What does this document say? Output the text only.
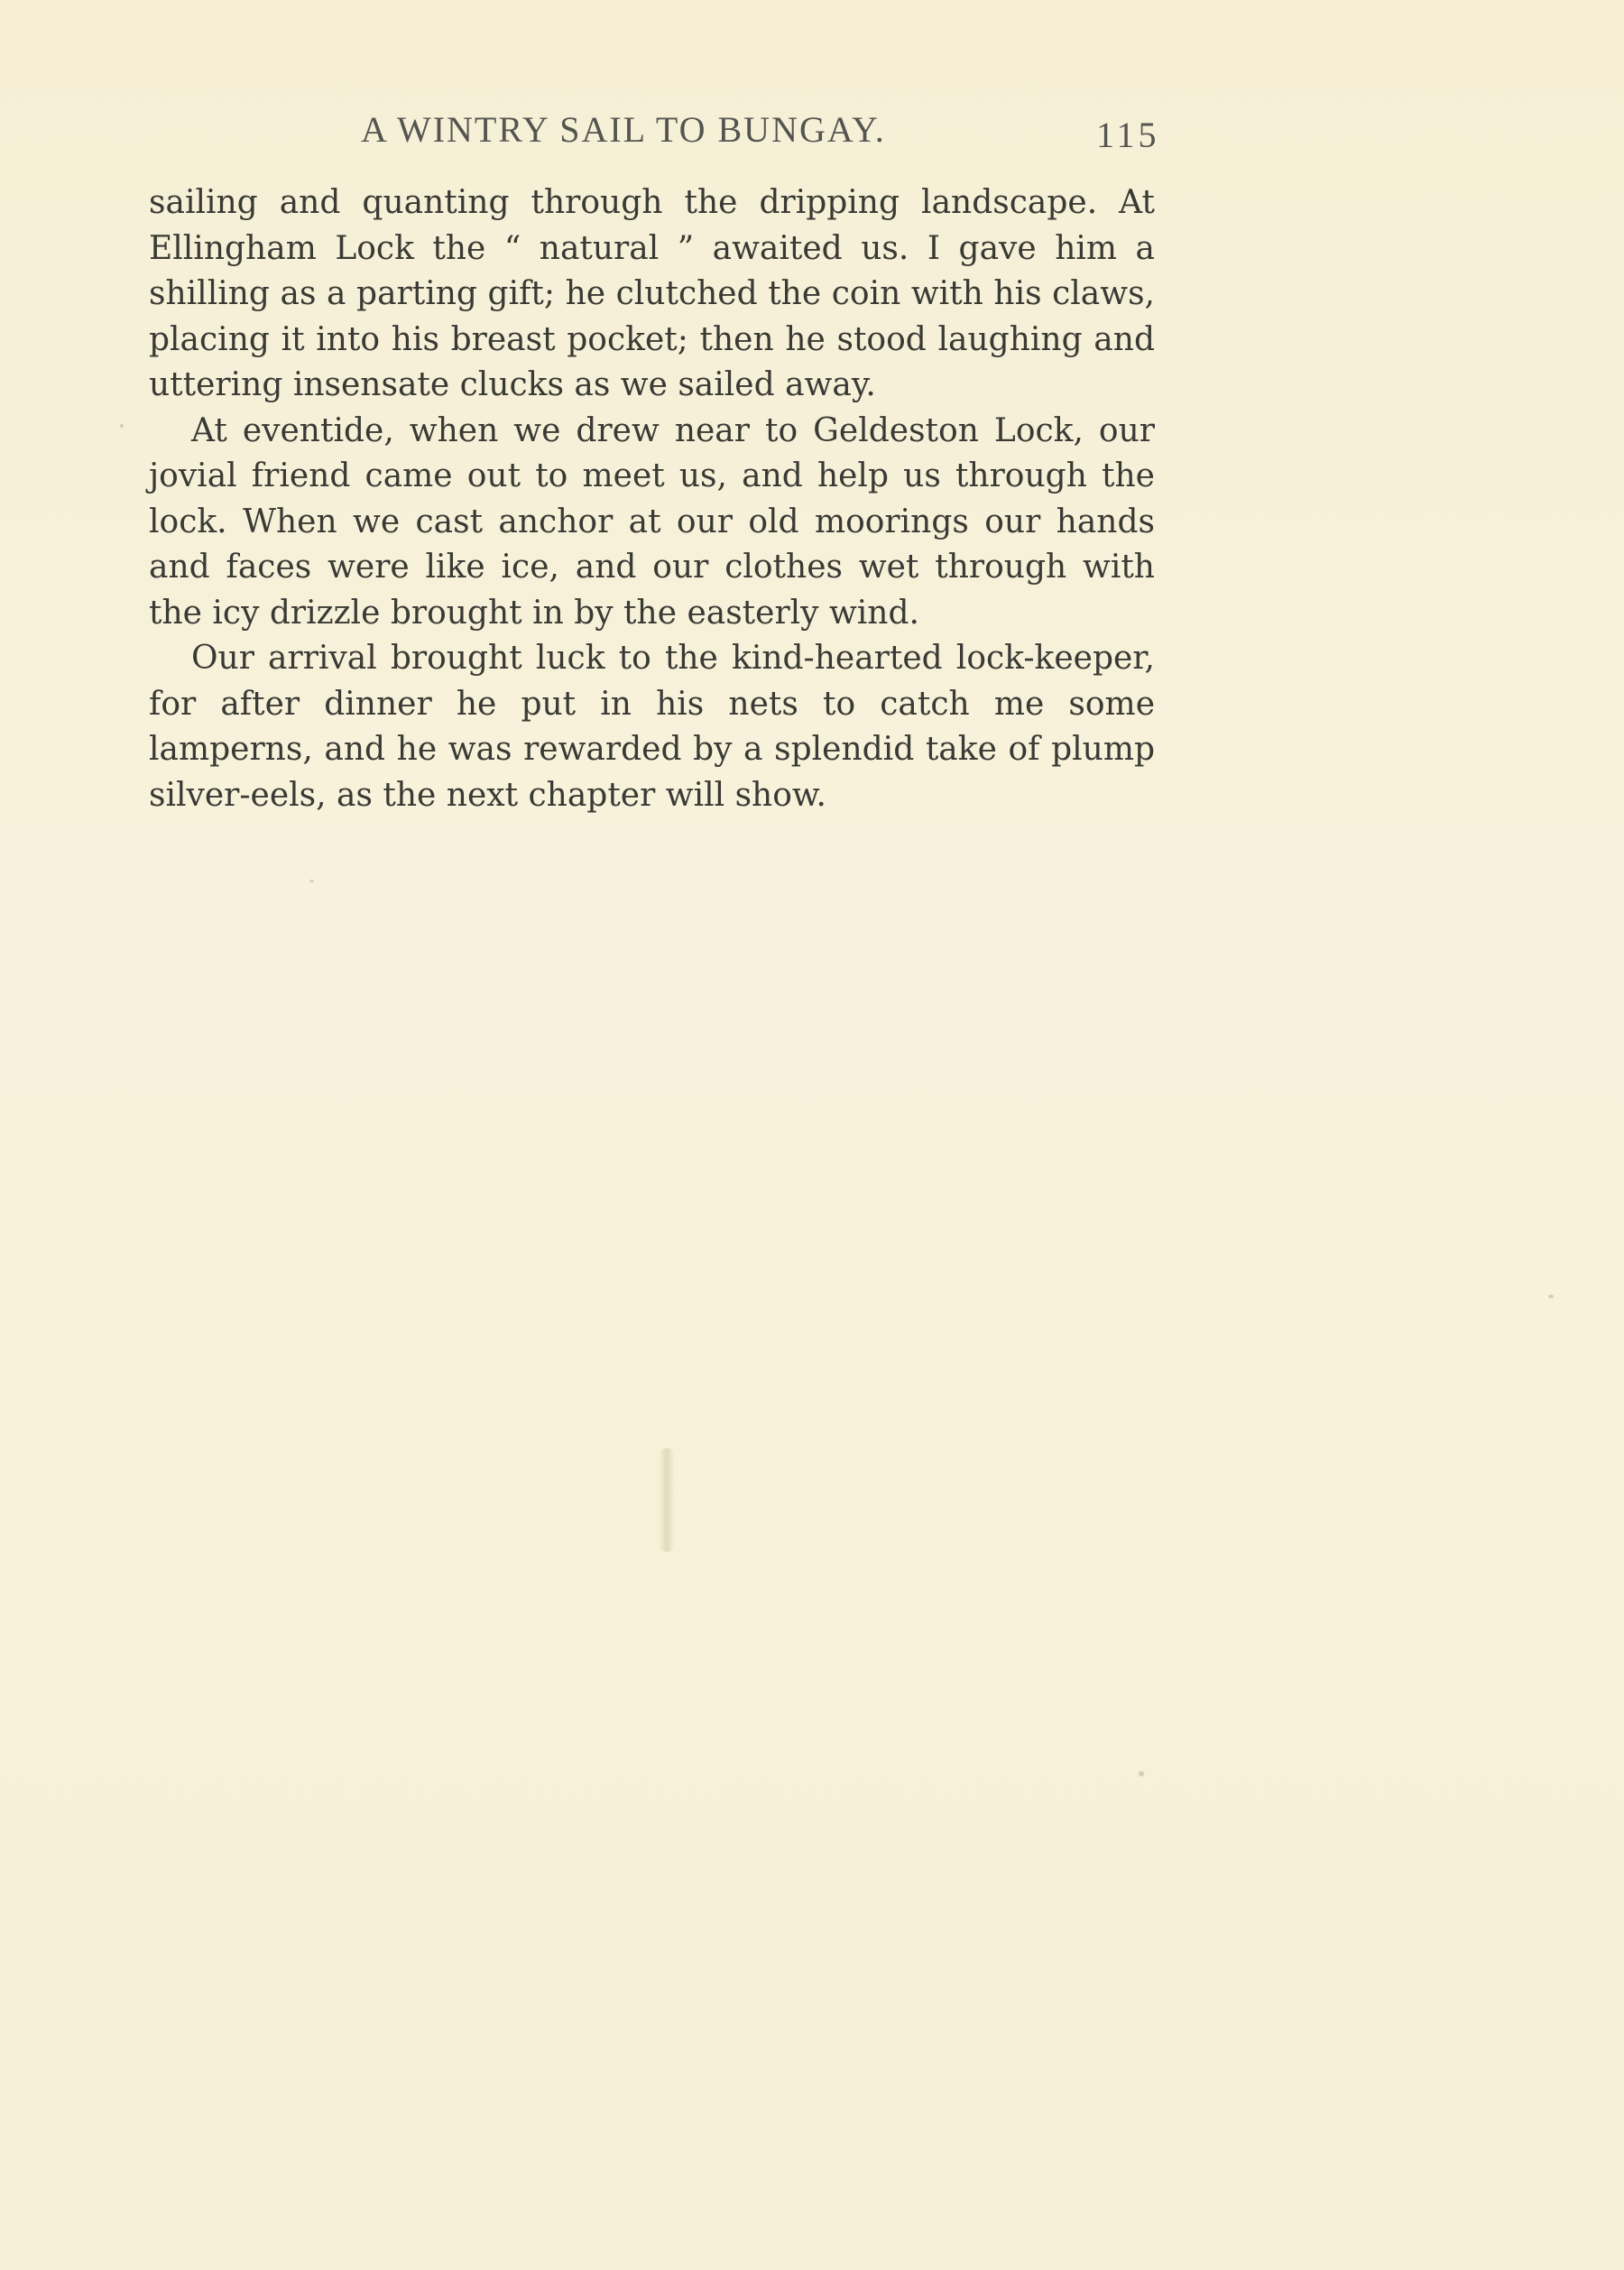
A WINTRY SAIL TO BUNGAY.	115

sailing and quanting through the dripping landscape. At Ellingham Lock the “ natural ” awaited us. I gave him a shilling as a parting gift; he clutched the coin with his claws, placing it into his breast pocket; then he stood laughing and uttering insensate clucks as we sailed away.

At eventide, when we drew near to Geldeston Lock, our jovial friend came out to meet us, and help us through the lock. When we cast anchor at our old moorings our hands and faces were like ice, and our clothes wet through with the icy drizzle brought in by the easterly wind.

Our arrival brought luck to the kind-hearted lock-keeper, for after dinner he put in his nets to catch me some lamperns, and he was rewarded by a splendid take of plump silver-eels, as the next chapter will show.
